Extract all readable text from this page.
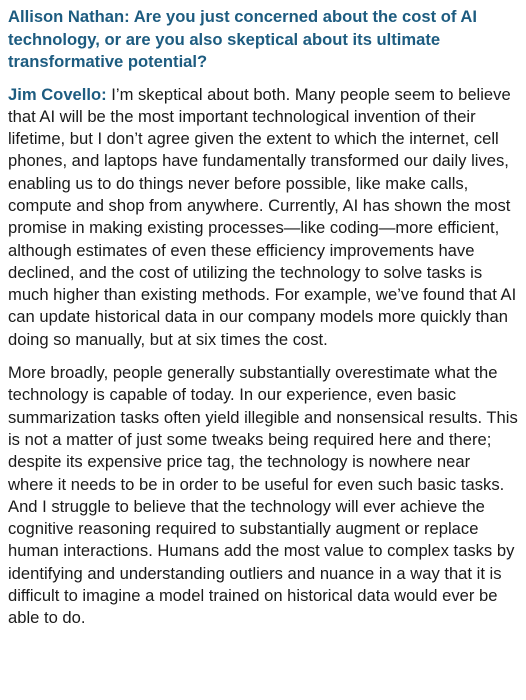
Allison Nathan: Are you just concerned about the cost of AI technology, or are you also skeptical about its ultimate transformative potential?

Jim Covello: I’m skeptical about both. Many people seem to believe that AI will be the most important technological invention of their lifetime, but I don’t agree given the extent to which the internet, cell phones, and laptops have fundamentally transformed our daily lives, enabling us to do things never before possible, like make calls, compute and shop from anywhere. Currently, AI has shown the most promise in making existing processes—like coding—more efficient, although estimates of even these efficiency improvements have declined, and the cost of utilizing the technology to solve tasks is much higher than existing methods. For example, we’ve found that AI can update historical data in our company models more quickly than doing so manually, but at six times the cost.

More broadly, people generally substantially overestimate what the technology is capable of today. In our experience, even basic summarization tasks often yield illegible and nonsensical results. This is not a matter of just some tweaks being required here and there; despite its expensive price tag, the technology is nowhere near where it needs to be in order to be useful for even such basic tasks. And I struggle to believe that the technology will ever achieve the cognitive reasoning required to substantially augment or replace human interactions. Humans add the most value to complex tasks by identifying and understanding outliers and nuance in a way that it is difficult to imagine a model trained on historical data would ever be able to do.
